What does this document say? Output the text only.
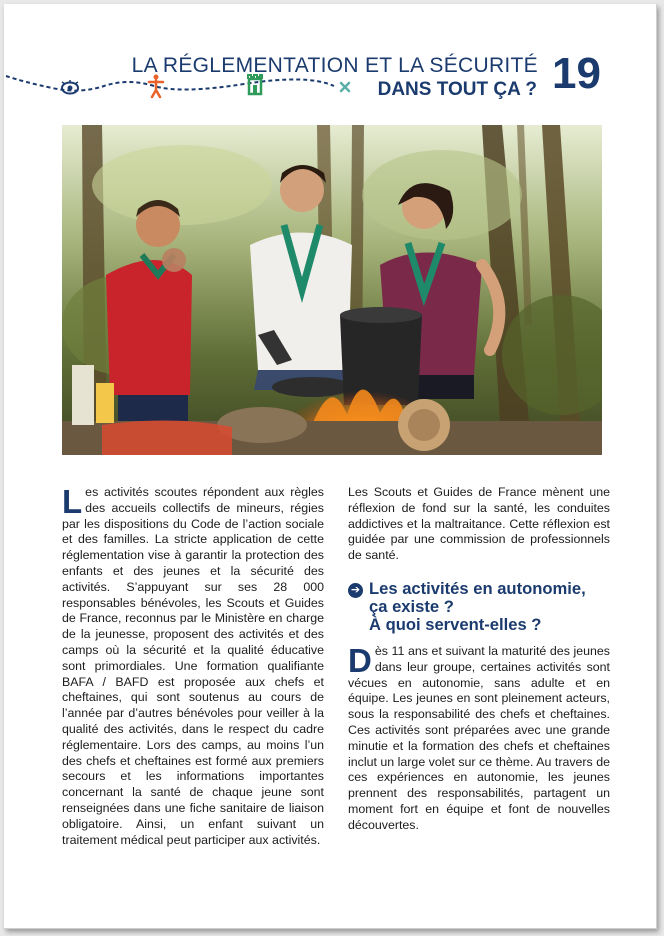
LA RÉGLEMENTATION ET LA SÉCURITÉ
DANS TOUT ÇA ? 19

Les activités scoutes répondent aux règles des accueils collectifs de mineurs, régies par les dispositions du Code de l’action sociale et des familles. La stricte application de cette réglementation vise à garantir la protection des enfants et des jeunes et la sécurité des activités. S’appuyant sur ses 28 000 responsables bénévoles, les Scouts et Guides de France, reconnus par le Ministère en charge de la jeunesse, proposent des activités et des camps où la sécurité et la qualité éducative sont primordiales. Une formation qualifiante BAFA / BAFD est proposée aux chefs et cheftaines, qui sont soutenus au cours de l’année par d’autres bénévoles pour veiller à la qualité des activités, dans le respect du cadre réglementaire. Lors des camps, au moins l’un des chefs et cheftaines est formé aux premiers secours et les informations importantes concernant la santé de chaque jeune sont renseignées dans une fiche sanitaire de liaison obligatoire. Ainsi, un enfant suivant un traitement médical peut participer aux activités.

Les Scouts et Guides de France mènent une réflexion de fond sur la santé, les conduites addictives et la maltraitance. Cette réflexion est guidée par une commission de professionnels de santé.

➔ Les activités en autonomie,
ça existe ?
À quoi servent-elles ?

Dès 11 ans et suivant la maturité des jeunes dans leur groupe, certaines activités sont vécues en autonomie, sans adulte et en équipe. Les jeunes en sont pleinement acteurs, sous la responsabilité des chefs et cheftaines. Ces activités sont préparées avec une grande minutie et la formation des chefs et cheftaines inclut un large volet sur ce thème. Au travers de ces expériences en autonomie, les jeunes prennent des responsabilités, partagent un moment fort en équipe et font de nouvelles découvertes.
